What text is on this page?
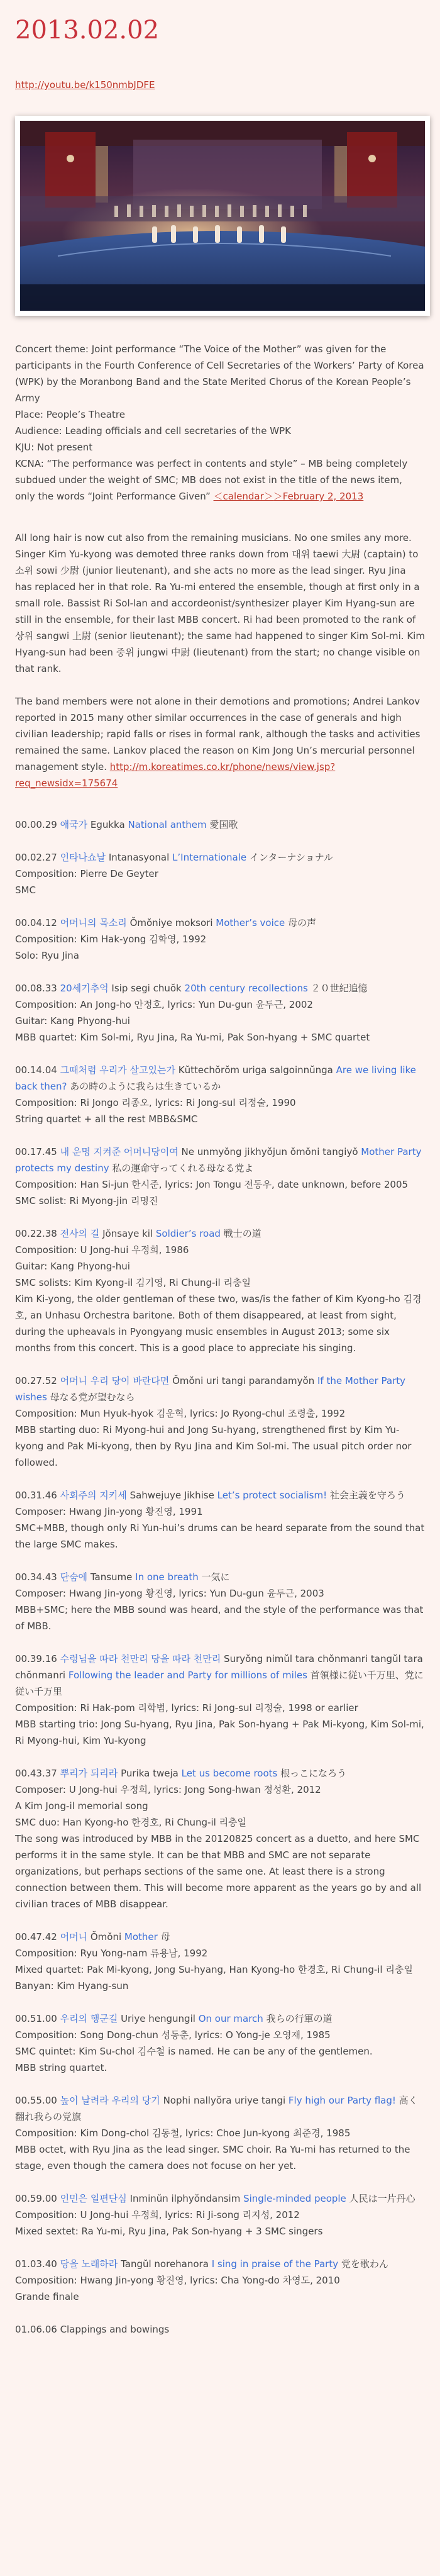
2013.02.02
http://youtu.be/k150nmbJDFE
Concert theme: Joint performance “The Voice of the Mother” was given for the participants in the Fourth Conference of Cell Secretaries of the Workers’ Party of Korea (WPK) by the Moranbong Band and the State Merited Chorus of the Korean People’s Army
Place: People’s Theatre
Audience: Leading officials and cell secretaries of the WPK
KJU: Not present
KCNA: “The performance was perfect in contents and style” – MB being completely subdued under the weight of SMC; MB does not exist in the title of the news item, only the words “Joint Performance Given” ＜calendar＞＞February 2, 2013

All long hair is now cut also from the remaining musicians. No one smiles any more. Singer Kim Yu-kyong was demoted three ranks down from 대위 taewi 大尉 (captain) to 소위 sowi 少尉 (junior lieutenant), and she acts no more as the lead singer. Ryu Jina has replaced her in that role. Ra Yu-mi entered the ensemble, though at first only in a small role. Bassist Ri Sol-lan and accordeonist/synthesizer player Kim Hyang-sun are still in the ensemble, for their last MBB concert. Ri had been promoted to the rank of 상위 sangwi 上尉 (senior lieutenant); the same had happened to singer Kim Sol-mi. Kim Hyang-sun had been 중위 jungwi 中尉 (lieutenant) from the start; no change visible on that rank.

The band members were not alone in their demotions and promotions; Andrei Lankov reported in 2015 many other similar occurrences in the case of generals and high civilian leadership; rapid falls or rises in formal rank, although the tasks and activities remained the same. Lankov placed the reason on Kim Jong Un’s mercurial personnel management style. http://m.koreatimes.co.kr/phone/news/view.jsp?req_newsidx=175674

00.00.29 애국가 Egukka National anthem 愛国歌
00.02.27 인타나쇼날 Intanasyonal L’Internationale インターナショナル
Composition: Pierre De Geyter
SMC
00.04.12 어머니의 목소리 Ŏmŏniye moksori Mother’s voice 母の声
Composition: Kim Hak-yong 김학영, 1992
Solo: Ryu Jina
00.08.33 20세기추억 Isip segi chuŏk 20th century recollections ２０世紀追憶
Composition: An Jong-ho 안정호, lyrics: Yun Du-gun 윤두근, 2002
Guitar: Kang Phyong-hui
MBB quartet: Kim Sol-mi, Ryu Jina, Ra Yu-mi, Pak Son-hyang + SMC quartet
00.14.04 그때처럼 우리가 살고있는가 Kŭttechŏrŏm uriga salgoinnŭnga Are we living like back then? あの時のように我らは生きているか
Composition: Ri Jongo 리종오, lyrics: Ri Jong-sul 리정술, 1990
String quartet + all the rest MBB&SMC
00.17.45 내 운명 지켜준 어머니당이여 Ne unmyŏng jikhyŏjun ŏmŏni tangiyŏ Mother Party protects my destiny 私の運命守ってくれる母なる党よ
Composition: Han Si-jun 한시준, lyrics: Jon Tongu 전동우, date unknown, before 2005
SMC solist: Ri Myong-jin 리명진
00.22.38 전사의 길 Jŏnsaye kil Soldier’s road 戦士の道
Composition: U Jong-hui 우정희, 1986
Guitar: Kang Phyong-hui
SMC solists: Kim Kyong-il 김기영, Ri Chung-il 리충일
Kim Ki-yong, the older gentleman of these two, was/is the father of Kim Kyong-ho 김경호, an Unhasu Orchestra baritone. Both of them disappeared, at least from sight, during the upheavals in Pyongyang music ensembles in August 2013; some six months from this concert. This is a good place to appreciate his singing.
00.27.52 어머니 우리 당이 바란다면 Ŏmŏni uri tangi parandamyŏn If the Mother Party wishes 母なる党が望むなら
Composition: Mun Hyuk-hyok 김운혁, lyrics: Jo Ryong-chul 조령출, 1992
MBB starting duo: Ri Myong-hui and Jong Su-hyang, strengthened first by Kim Yu-kyong and Pak Mi-kyong, then by Ryu Jina and Kim Sol-mi. The usual pitch order nor followed.
00.31.46 사회주의 지키세 Sahwejuye Jikhise Let’s protect socialism! 社会主義を守ろう
Composer: Hwang Jin-yong 황진영, 1991
SMC+MBB, though only Ri Yun-hui’s drums can be heard separate from the sound that the large SMC makes.
00.34.43 단숨에 Tansume In one breath 一気に
Composer: Hwang Jin-yong 황진영, lyrics: Yun Du-gun 윤두근, 2003
MBB+SMC; here the MBB sound was heard, and the style of the performance was that of MBB.
00.39.16 수령님을 따라 천만리 당을 따라 천만리 Suryŏng nimŭl tara chŏnmanri tangŭl tara chŏnmanri Following the leader and Party for millions of miles 首領様に従い千万里、党に従い千万里
Composition: Ri Hak-pom 리학범, lyrics: Ri Jong-sul 리정술, 1998 or earlier
MBB starting trio: Jong Su-hyang, Ryu Jina, Pak Son-hyang + Pak Mi-kyong, Kim Sol-mi, Ri Myong-hui, Kim Yu-kyong
00.43.37 뿌리가 되리라 Purika tweja Let us become roots 根っこになろう
Composer: U Jong-hui 우정희, lyrics: Jong Song-hwan 정성환, 2012
A Kim Jong-il memorial song
SMC duo: Han Kyong-ho 한경호, Ri Chung-il 리충일
The song was introduced by MBB in the 20120825 concert as a duetto, and here SMC performs it in the same style. It can be that MBB and SMC are not separate organizations, but perhaps sections of the same one. At least there is a strong connection between them. This will become more apparent as the years go by and all civilian traces of MBB disappear.
00.47.42 어머니 Ŏmŏni Mother 母
Composition: Ryu Yong-nam 류용남, 1992
Mixed quartet: Pak Mi-kyong, Jong Su-hyang, Han Kyong-ho 한경호, Ri Chung-il 리충일
Banyan: Kim Hyang-sun
00.51.00 우리의 행군길 Uriye hengungil On our march 我らの行軍の道
Composition: Song Dong-chun 성동춘, lyrics: O Yong-je 오영재, 1985
SMC quintet: Kim Su-chol 김수철 is named. He can be any of the gentlemen.
MBB string quartet.
00.55.00 높이 날려라 우리의 당기 Nophi nallyŏra uriye tangi Fly high our Party flag! 高く翻れ我らの党旗
Composition: Kim Dong-chol 김동철, lyrics: Choe Jun-kyong 최준경, 1985
MBB octet, with Ryu Jina as the lead singer. SMC choir. Ra Yu-mi has returned to the stage, even though the camera does not focuse on her yet.
00.59.00 인민은 일편단심 Inminŭn ilphyŏndansim Single-minded people 人民は一片丹心
Composition: U Jong-hui 우정희, lyrics: Ri Ji-song 리지성, 2012
Mixed sextet: Ra Yu-mi, Ryu Jina, Pak Son-hyang + 3 SMC singers
01.03.40 당을 노래하라 Tangŭl norehanora I sing in praise of the Party 党を歌わん
Composition: Hwang Jin-yong 황진영, lyrics: Cha Yong-do 차영도, 2010
Grande finale
01.06.06 Clappings and bowings
